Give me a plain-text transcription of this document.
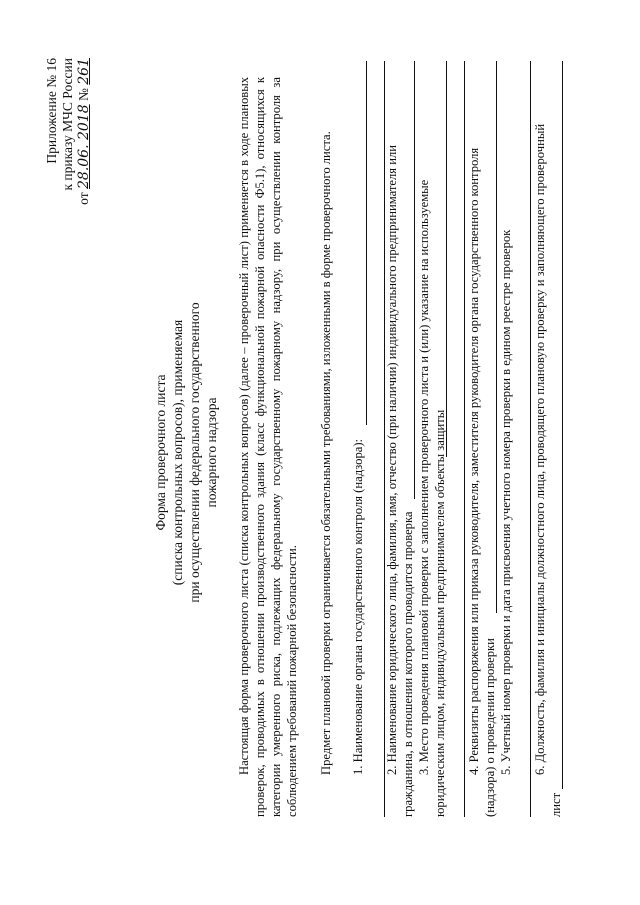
Приложение № 16 к приказу МЧС России
от 28.06. 2018 № 261
Форма проверочного листа (списка контрольных вопросов), применяемая при осуществлении федерального государственного пожарного надзора Настоящая форма проверочного листа (списка контрольных вопросов) (далее – проверочный лист) применяется в ходе плановых проверок, проводимых в отношении производственного здания (класс функциональной пожарной опасности Ф5.1), относящихся к категории умеренного риска, подлежащих федеральному государственному пожарному надзору, при осуществлении контроля за соблюдением требований пожарной безопасности. Предмет плановой проверки ограничивается обязательными требованиями, изложенными в форме проверочного листа. 1. Наименование органа государственного контроля (надзора): 2. Наименование юридического лица, фамилия, имя, отчество (при наличии) индивидуального предпринимателя или гражданина, в отношении которого проводится проверка 3. Место проведения плановой проверки с заполнением проверочного листа и (или) указание на используемые юридическим лицом, индивидуальным предпринимателем объекты защиты 4. Реквизиты распоряжения или приказа руководителя, заместителя руководителя органа государственного контроля (надзора) о проведении проверки 5. Учетный номер проверки и дата присвоения учетного номера проверки в едином реестре проверок 6. Должность, фамилия и инициалы должностного лица, проводящего плановую проверку и заполняющего проверочный
лист
